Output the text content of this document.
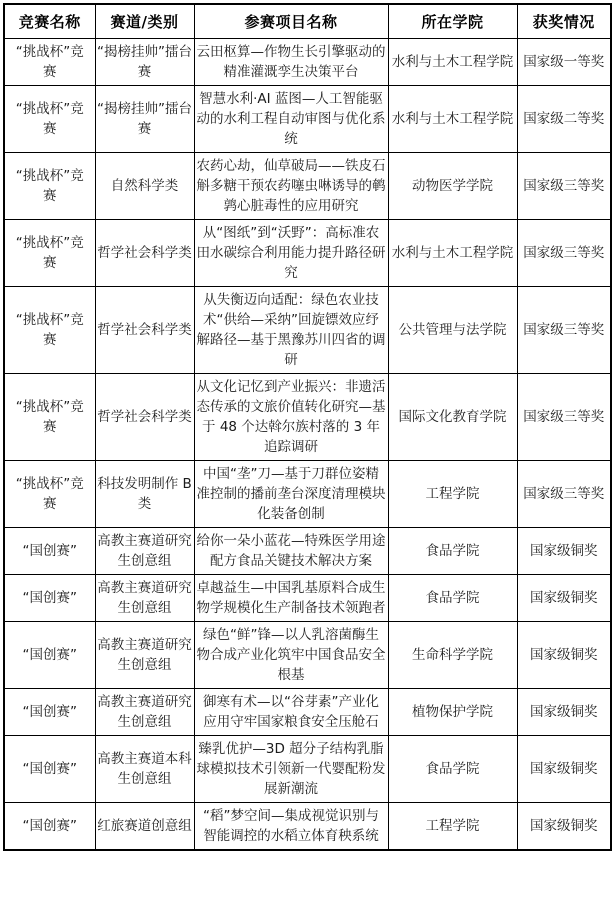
竞赛名称	赛道/类别	参赛项目名称	所在学院	获奖情况
“挑战杯”竞赛	“揭榜挂帅”擂台赛	云田枢算—作物生长引擎驱动的精准灌溉孪生决策平台	水利与土木工程学院	国家级一等奖
“挑战杯”竞赛	“揭榜挂帅”擂台赛	智慧水利·AI 蓝图—人工智能驱动的水利工程自动审图与优化系统	水利与土木工程学院	国家级二等奖
“挑战杯”竞赛	自然科学类	农药心劫，仙草破局——铁皮石斛多糖干预农药噻虫啉诱导的鹌鹑心脏毒性的应用研究	动物医学学院	国家级三等奖
“挑战杯”竞赛	哲学社会科学类	从“图纸”到“沃野”：高标准农田水碳综合利用能力提升路径研究	水利与土木工程学院	国家级三等奖
“挑战杯”竞赛	哲学社会科学类	从失衡迈向适配：绿色农业技术“供给—采纳”回旋镖效应纾解路径—基于黑豫苏川四省的调研	公共管理与法学院	国家级三等奖
“挑战杯”竞赛	哲学社会科学类	从文化记忆到产业振兴：非遗活态传承的文旅价值转化研究—基于 48 个达斡尔族村落的 3 年追踪调研	国际文化教育学院	国家级三等奖
“挑战杯”竞赛	科技发明制作 B 类	中国“垄”刀—基于刀群位姿精准控制的播前垄台深度清理模块化装备创制	工程学院	国家级三等奖
“国创赛”	高教主赛道研究生创意组	给你一朵小蓝花—特殊医学用途配方食品关键技术解决方案	食品学院	国家级铜奖
“国创赛”	高教主赛道研究生创意组	卓越益生—中国乳基原料合成生物学规模化生产制备技术领跑者	食品学院	国家级铜奖
“国创赛”	高教主赛道研究生创意组	绿色“鲜”锋—以人乳溶菌酶生物合成产业化筑牢中国食品安全根基	生命科学学院	国家级铜奖
“国创赛”	高教主赛道研究生创意组	御寒有术—以“谷芽素”产业化应用守牢国家粮食安全压舱石	植物保护学院	国家级铜奖
“国创赛”	高教主赛道本科生创意组	臻乳优护—3D 超分子结构乳脂球模拟技术引领新一代婴配粉发展新潮流	食品学院	国家级铜奖
“国创赛”	红旅赛道创意组	“稻”梦空间—集成视觉识别与智能调控的水稻立体育秧系统	工程学院	国家级铜奖
